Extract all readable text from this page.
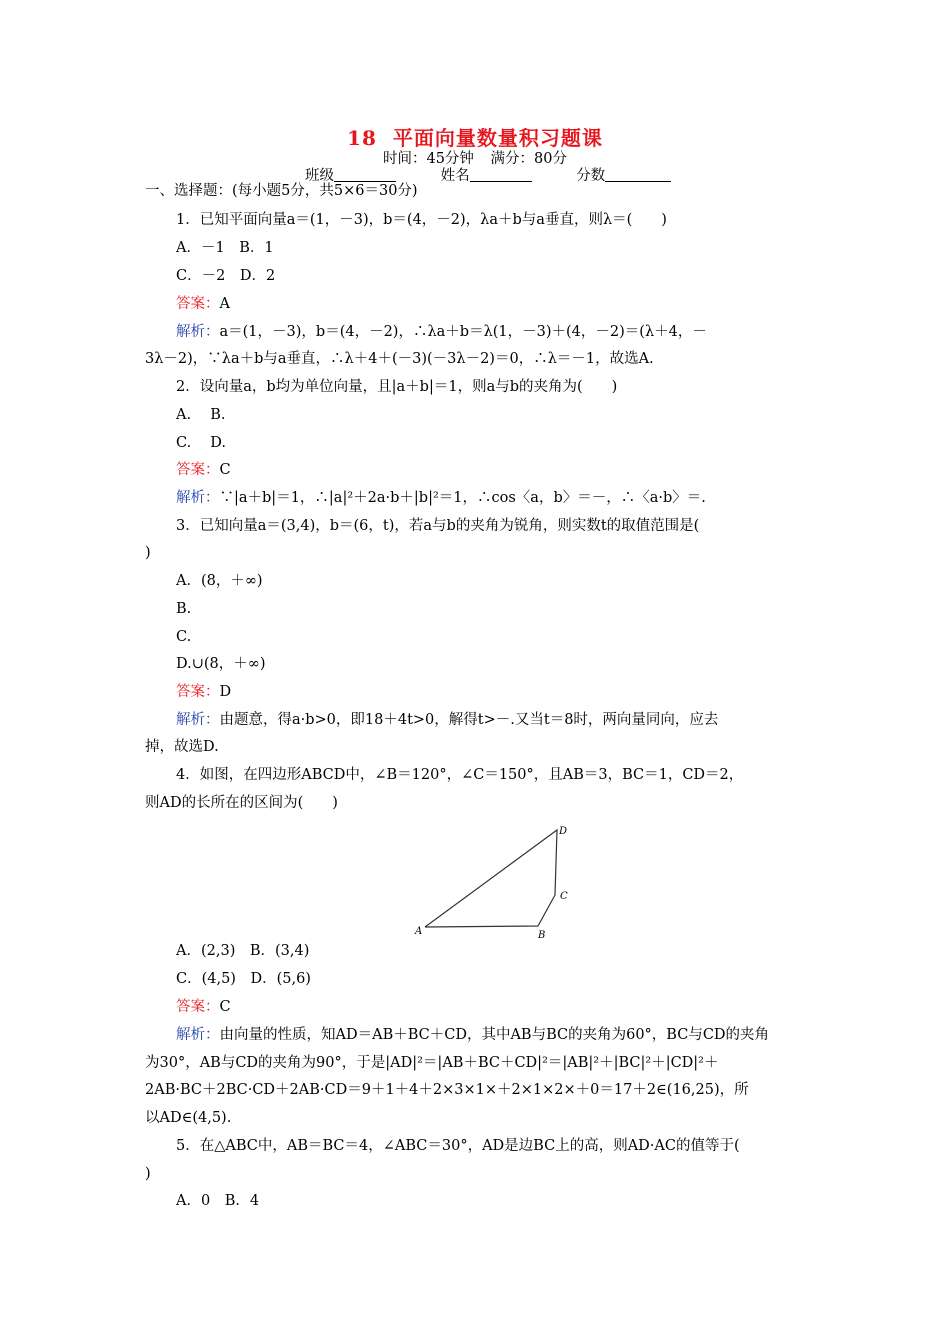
18 平面向量数量积习题课
时间：45分钟 满分：80分
班级	姓名	分数
一、选择题：(每小题5分，共5×6＝30分)
1．已知平面向量a＝(1，－3)，b＝(4，－2)，λa＋b与a垂直，则λ＝(　　)
A．－1　B．1
C．－2　D．2
答案：A
解析：a＝(1，－3)，b＝(4，－2)，∴λa＋b＝λ(1，－3)＋(4，－2)＝(λ＋4，－
3λ－2)，∵λa＋b与a垂直，∴λ＋4＋(－3)(－3λ－2)＝0，∴λ＝－1，故选A.
2．设向量a，b均为单位向量，且|a＋b|＝1，则a与b的夹角为(　　)
A.　 B.
C.　 D.
答案：C
解析：∵|a＋b|＝1，∴|a|²＋2a·b＋|b|²＝1，∴cos〈a，b〉＝－，∴〈a·b〉＝.
3．已知向量a＝(3,4)，b＝(6，t)，若a与b的夹角为锐角，则实数t的取值范围是(
)
A．(8，＋∞)
B.
C.
D.∪(8，＋∞)
答案：D
解析：由题意，得a·b>0，即18＋4t>0，解得t>－.又当t＝8时，两向量同向，应去
掉，故选D.
4．如图，在四边形ABCD中，∠B＝120°，∠C＝150°，且AB＝3，BC＝1，CD＝2，
则AD的长所在的区间为(　　)
A	B
C
D
A．(2,3)　B．(3,4)
C．(4,5)　D．(5,6)
答案：C
解析：由向量的性质，知AD＝AB＋BC＋CD，其中AB与BC的夹角为60°，BC与CD的夹角
为30°，AB与CD的夹角为90°，于是|AD|²＝|AB＋BC＋CD|²＝|AB|²＋|BC|²＋|CD|²＋
2AB·BC＋2BC·CD＋2AB·CD＝9＋1＋4＋2×3×1×＋2×1×2×＋0＝17＋2∈(16,25)，所
以AD∈(4,5).
5．在△ABC中，AB＝BC＝4，∠ABC＝30°，AD是边BC上的高，则AD·AC的值等于(
)
A．0　B．4
